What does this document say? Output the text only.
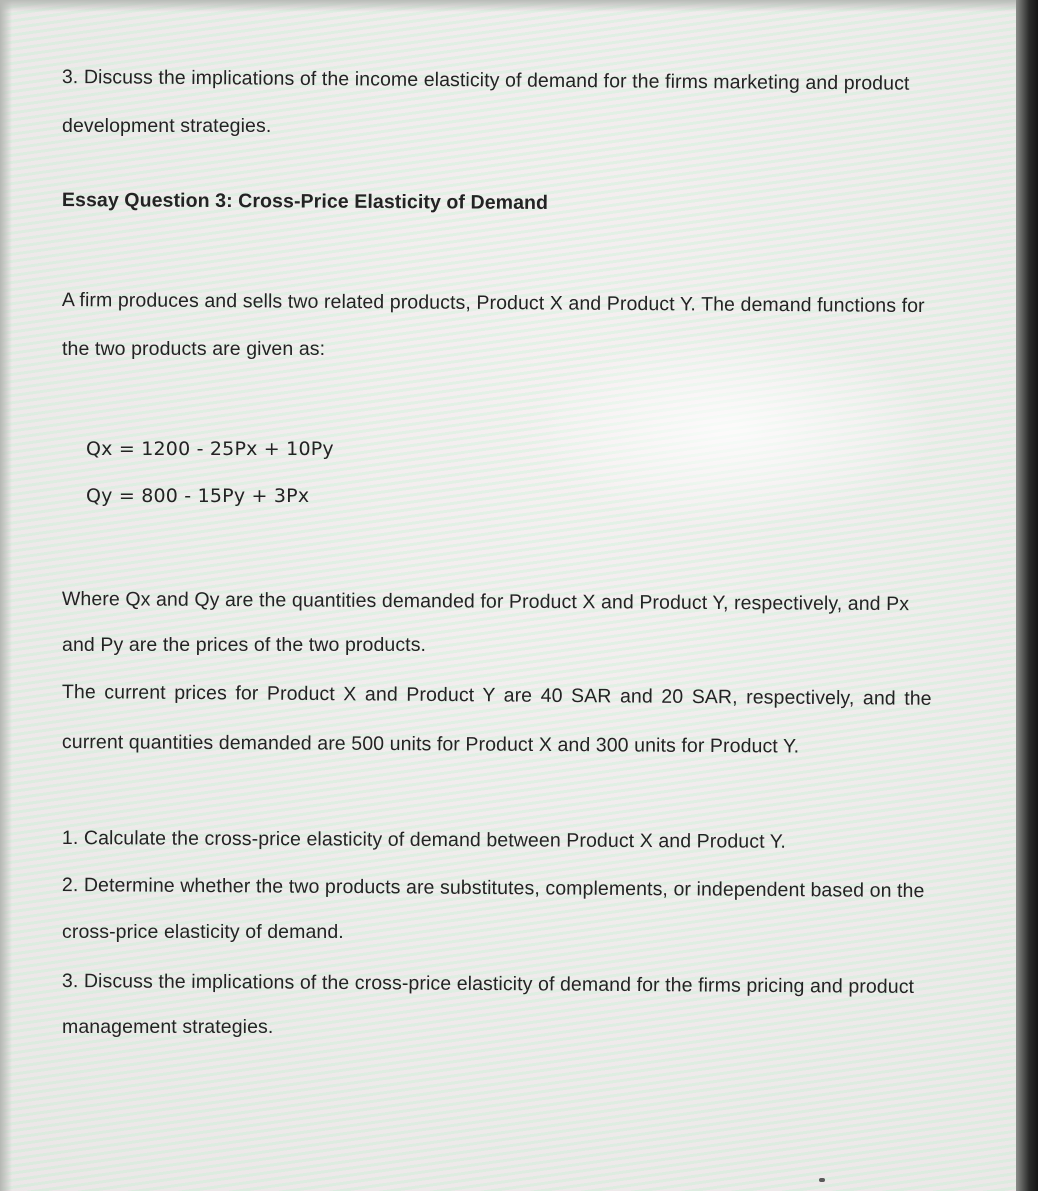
3. Discuss the implications of the income elasticity of demand for the firms marketing and product
development strategies.
Essay Question 3: Cross-Price Elasticity of Demand
A firm produces and sells two related products, Product X and Product Y. The demand functions for
the two products are given as:
Qx = 1200 - 25Px + 10Py
Qy = 800 - 15Py + 3Px
Where Qx and Qy are the quantities demanded for Product X and Product Y, respectively, and Px
and Py are the prices of the two products.
The current prices for Product X and Product Y are 40 SAR and 20 SAR, respectively, and the
current quantities demanded are 500 units for Product X and 300 units for Product Y.
1. Calculate the cross-price elasticity of demand between Product X and Product Y.
2. Determine whether the two products are substitutes, complements, or independent based on the
cross-price elasticity of demand.
3. Discuss the implications of the cross-price elasticity of demand for the firms pricing and product
management strategies.
